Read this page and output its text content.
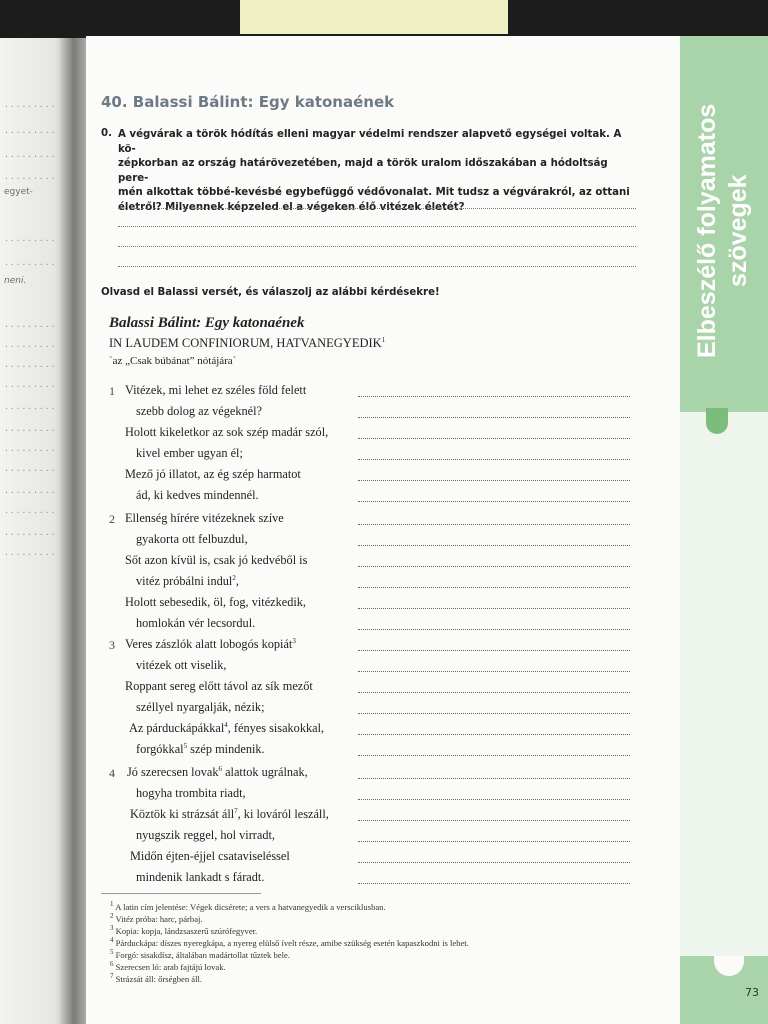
.........
.........
.........
.........
egyet-
.........
.........
neni.
.........
.........
.........
.........
.........
.........
.........
.........
.........
.........
.........
.........
Elbeszélő folyamatos szövegek
73
40. Balassi Bálint: Egy katonaének
0. A végvárak a török hódítás elleni magyar védelmi rendszer alapvető egységei voltak. A kö-
zépkorban az ország határövezetében, majd a török uralom időszakában a hódoltság pere-
mén alkottak többé-kevésbé egybefüggő védővonalat. Mit tudsz a végvárakról, az ottani
életről? Milyennek képzeled el a végeken élő vitézek életét?
Olvasd el Balassi versét, és válaszolj az alábbi kérdésekre!
Balassi Bálint: Egy katonaének
IN LAUDEM CONFINIORUM, HATVANEGYEDIK$^1$
`az „Csak búbánat” nótájára`
1 Vitézek, mi lehet ez széles föld felett
szebb dolog az végeknél?
Holott kikeletkor az sok szép madár szól,
kivel ember ugyan él;
Mező jó illatot, az ég szép harmatot
ád, ki kedves mindennél.
2 Ellenség hírére vitézeknek szíve
gyakorta ott felbuzdul,
Sőt azon kívül is, csak jó kedvéből is
vitéz próbálni indul$^2$,
Holott sebesedik, öl, fog, vitézkedik,
homlokán vér lecsordul.
3 Veres zászlók alatt lobogós kopiát$^3$
vitézek ott viselik,
Roppant sereg előtt távol az sík mezőt
széllyel nyargalják, nézik;
Az párduckápákkal$^4$, fényes sisakokkal,
forgókkal$^5$ szép mindenik.
4 Jó szerecsen lovak$^6$ alattok ugrálnak,
hogyha trombita riadt,
Köztök ki strázsát áll$^7$, ki lováról leszáll,
nyugszik reggel, hol virradt,
Midőn éjten-éjjel csataviseléssel
mindenik lankadt s fáradt.
$^1$ A latin cím jelentése: Végek dicsérete; a vers a hatvanegyedik a versciklusban.
$^2$ Vitéz próba: harc, párbaj.
$^3$ Kopia: kopja, lándzsaszerű szúrófegyver.
$^4$ Párduckápa: díszes nyeregkápa, a nyereg elülső ívelt része, amibe szükség esetén kapaszkodni is lehet.
$^5$ Forgó: sisakdísz, általában madártollat tűztek bele.
$^6$ Szerecsen ló: arab fajtájú lovak.
$^7$ Strázsát áll: őrségben áll.
